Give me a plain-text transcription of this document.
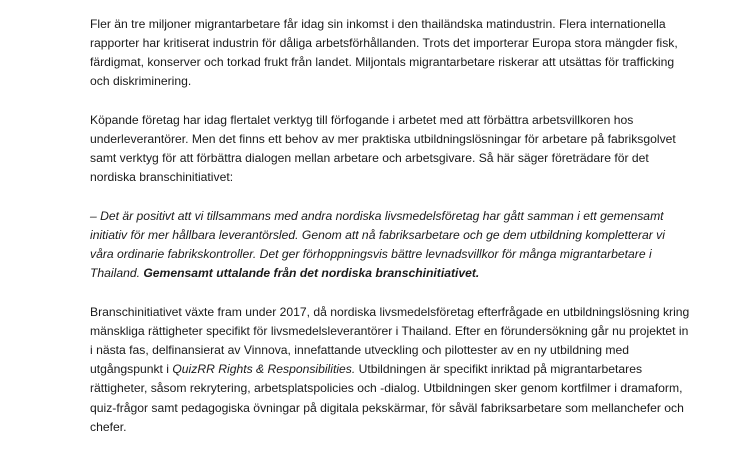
Fler än tre miljoner migrantarbetare får idag sin inkomst i den thailändska matindustrin. Flera internationella rapporter har kritiserat industrin för dåliga arbetsförhållanden. Trots det importerar Europa stora mängder fisk, färdigmat, konserver och torkad frukt från landet. Miljontals migrantarbetare riskerar att utsättas för trafficking och diskriminering.

Köpande företag har idag flertalet verktyg till förfogande i arbetet med att förbättra arbetsvillkoren hos underleverantörer. Men det finns ett behov av mer praktiska utbildningslösningar för arbetare på fabriksgolvet samt verktyg för att förbättra dialogen mellan arbetare och arbetsgivare. Så här säger företrädare för det nordiska branschinitiativet:

– Det är positivt att vi tillsammans med andra nordiska livsmedelsföretag har gått samman i ett gemensamt initiativ för mer hållbara leverantörsled. Genom att nå fabriksarbetare och ge dem utbildning kompletterar vi våra ordinarie fabrikskontroller. Det ger förhoppningsvis bättre levnadsvillkor för många migrantarbetare i Thailand. Gemensamt uttalande från det nordiska branschinitiativet.

Branschinitiativet växte fram under 2017, då nordiska livsmedelsföretag efterfrågade en utbildningslösning kring mänskliga rättigheter specifikt för livsmedelsleverantörer i Thailand. Efter en förundersökning går nu projektet in i nästa fas, delfinansierat av Vinnova, innefattande utveckling och pilottester av en ny utbildning med utgångspunkt i QuizRR Rights & Responsibilities. Utbildningen är specifikt inriktad på migrantarbetares rättigheter, såsom rekrytering, arbetsplatspolicies och -dialog. Utbildningen sker genom kortfilmer i dramaform, quiz-frågor samt pedagogiska övningar på digitala pekskärmar, för såväl fabriksarbetare som mellanchefer och chefer.
